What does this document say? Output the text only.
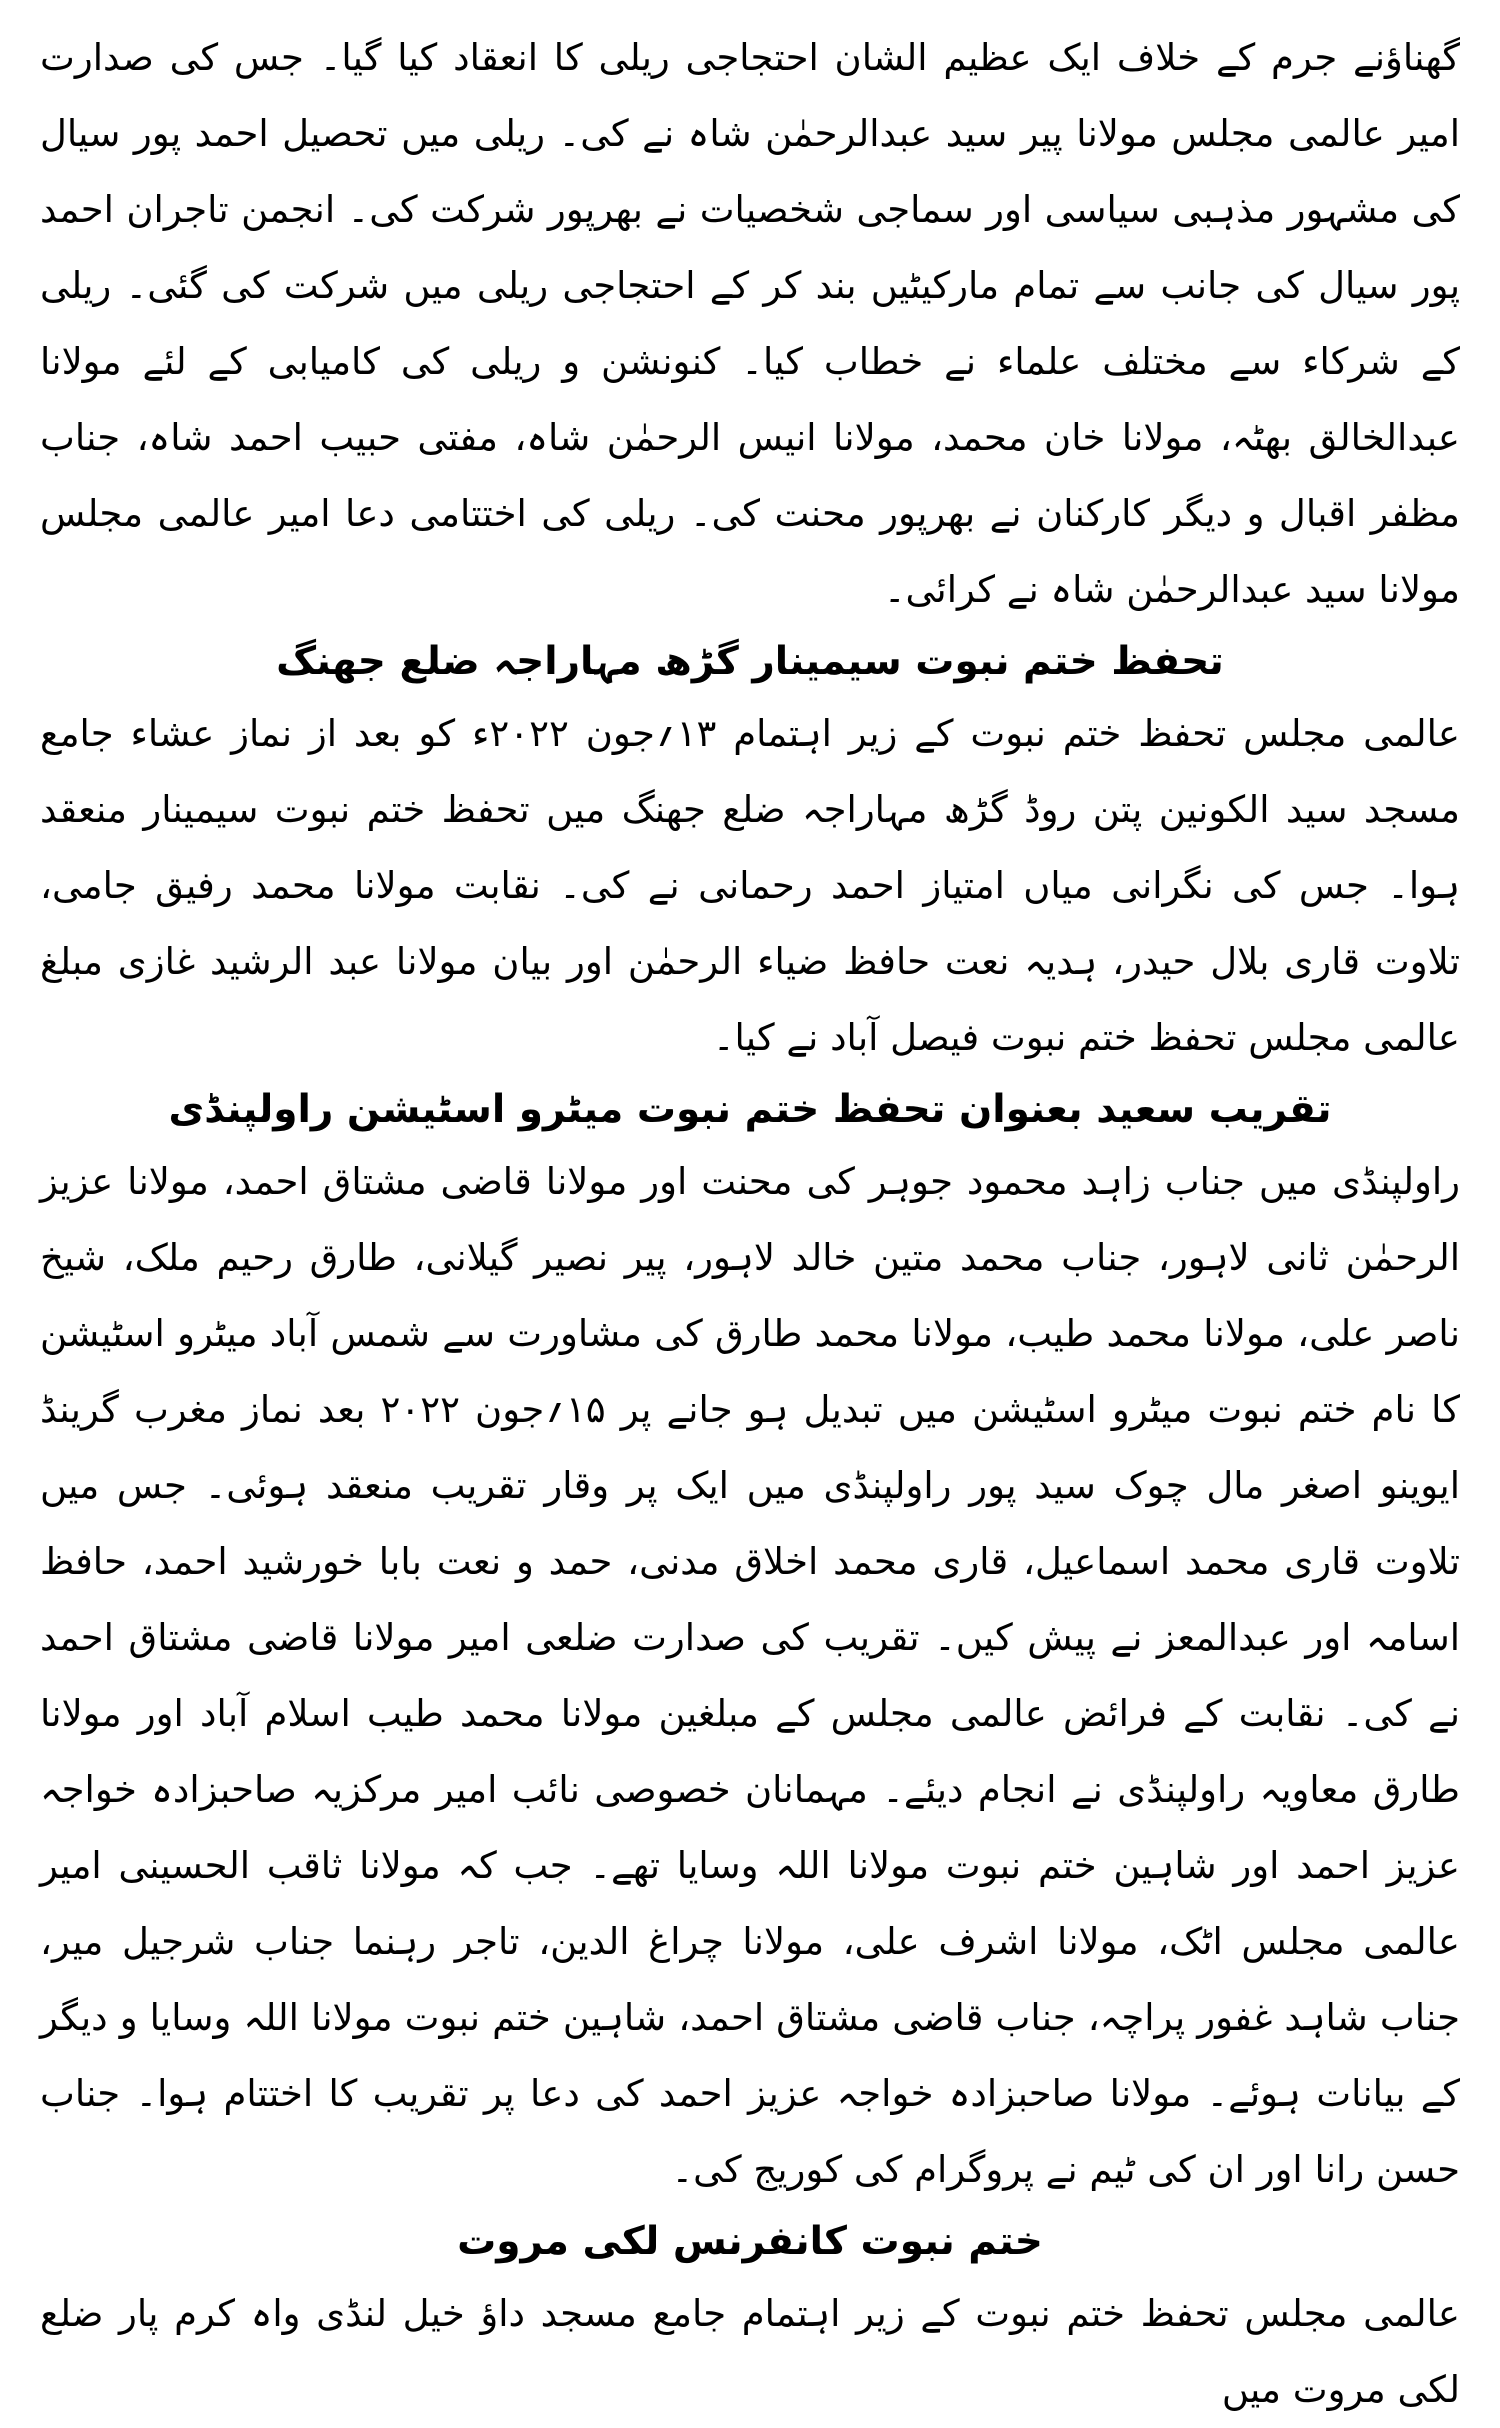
گھناؤنے جرم کے خلاف ایک عظیم الشان احتجاجی ریلی کا انعقاد کیا گیا۔ جس کی صدارت امیر عالمی مجلس مولانا پیر سید عبدالرحمٰن شاہ نے کی۔ ریلی میں تحصیل احمد پور سیال کی مشہور مذہبی سیاسی اور سماجی شخصیات نے بھرپور شرکت کی۔ انجمن تاجران احمد پور سیال کی جانب سے تمام مارکیٹیں بند کر کے احتجاجی ریلی میں شرکت کی گئی۔ ریلی کے شرکاء سے مختلف علماء نے خطاب کیا۔ کنونشن و ریلی کی کامیابی کے لئے مولانا عبدالخالق بھٹہ، مولانا خان محمد، مولانا انیس الرحمٰن شاہ، مفتی حبیب احمد شاہ، جناب مظفر اقبال و دیگر کارکنان نے بھرپور محنت کی۔ ریلی کی اختتامی دعا امیر عالمی مجلس مولانا سید عبدالرحمٰن شاہ نے کرائی۔

تحفظ ختم نبوت سیمینار گڑھ مہاراجہ ضلع جھنگ

عالمی مجلس تحفظ ختم نبوت کے زیر اہتمام ۱۳؍جون ۲۰۲۲ء کو بعد از نماز عشاء جامع مسجد سید الکونین پتن روڈ گڑھ مہاراجہ ضلع جھنگ میں تحفظ ختم نبوت سیمینار منعقد ہوا۔ جس کی نگرانی میاں امتیاز احمد رحمانی نے کی۔ نقابت مولانا محمد رفیق جامی، تلاوت قاری بلال حیدر، ہدیہ نعت حافظ ضیاء الرحمٰن اور بیان مولانا عبد الرشید غازی مبلغ عالمی مجلس تحفظ ختم نبوت فیصل آباد نے کیا۔

تقریب سعید بعنوان تحفظ ختم نبوت میٹرو اسٹیشن راولپنڈی

راولپنڈی میں جناب زاہد محمود جوہر کی محنت اور مولانا قاضی مشتاق احمد، مولانا عزیز الرحمٰن ثانی لاہور، جناب محمد متین خالد لاہور، پیر نصیر گیلانی، طارق رحیم ملک، شیخ ناصر علی، مولانا محمد طیب، مولانا محمد طارق کی مشاورت سے شمس آباد میٹرو اسٹیشن کا نام ختم نبوت میٹرو اسٹیشن میں تبدیل ہو جانے پر ۱۵؍جون ۲۰۲۲ بعد نماز مغرب گرینڈ ایوینو اصغر مال چوک سید پور راولپنڈی میں ایک پر وقار تقریب منعقد ہوئی۔ جس میں تلاوت قاری محمد اسماعیل، قاری محمد اخلاق مدنی، حمد و نعت بابا خورشید احمد، حافظ اسامہ اور عبدالمعز نے پیش کیں۔ تقریب کی صدارت ضلعی امیر مولانا قاضی مشتاق احمد نے کی۔ نقابت کے فرائض عالمی مجلس کے مبلغین مولانا محمد طیب اسلام آباد اور مولانا طارق معاویہ راولپنڈی نے انجام دیئے۔ مہمانان خصوصی نائب امیر مرکزیہ صاحبزادہ خواجہ عزیز احمد اور شاہین ختم نبوت مولانا اللہ وسایا تھے۔ جب کہ مولانا ثاقب الحسینی امیر عالمی مجلس اٹک، مولانا اشرف علی، مولانا چراغ الدین، تاجر رہنما جناب شرجیل میر، جناب شاہد غفور پراچہ، جناب قاضی مشتاق احمد، شاہین ختم نبوت مولانا اللہ وسایا و دیگر کے بیانات ہوئے۔ مولانا صاحبزادہ خواجہ عزیز احمد کی دعا پر تقریب کا اختتام ہوا۔ جناب حسن رانا اور ان کی ٹیم نے پروگرام کی کوریج کی۔

ختم نبوت کانفرنس لکی مروت

عالمی مجلس تحفظ ختم نبوت کے زیر اہتمام جامع مسجد داؤ خیل لنڈی واہ کرم پار ضلع لکی مروت میں
